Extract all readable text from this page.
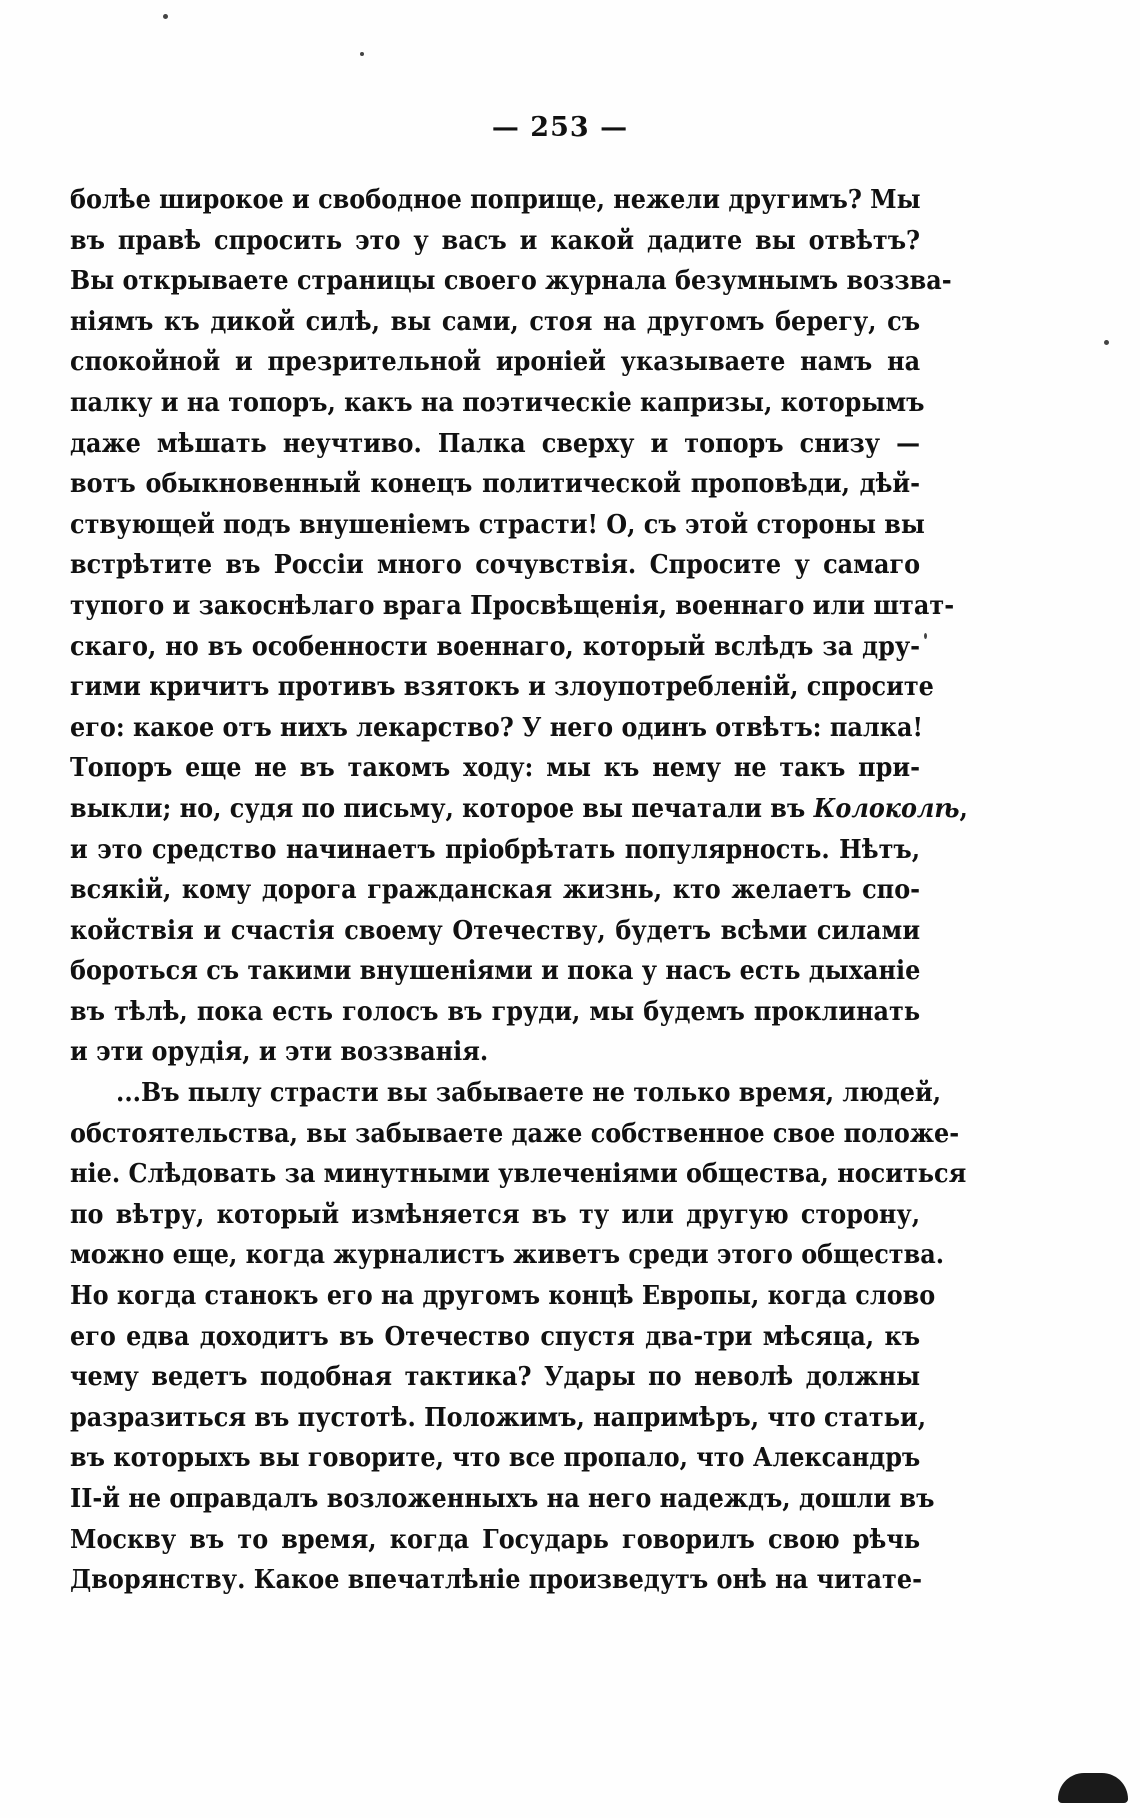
— 253 —
болѣе широкое и свободное поприще, нежели другимъ? Мы
въ правѣ спросить это у васъ и какой дадите вы отвѣтъ?
Вы открываете страницы своего журнала безумнымъ воззва-
ніямъ къ дикой силѣ, вы сами, стоя на другомъ берегу, съ
спокойной и презрительной ироніей указываете намъ на
палку и на топоръ, какъ на поэтическіе капризы, которымъ
даже мѣшать неучтиво. Палка сверху и топоръ снизу —
вотъ обыкновенный конецъ политической проповѣди, дѣй-
ствующей подъ внушеніемъ страсти! О, съ этой стороны вы
встрѣтите въ Россіи много сочувствія. Спросите у самаго
тупого и закоснѣлаго врага Просвѣщенія, военнаго или штат-
скаго, но въ особенности военнаго, который вслѣдъ за дру-
гими кричитъ противъ взятокъ и злоупотребленій, спросите
его: какое отъ нихъ лекарство? У него одинъ отвѣтъ: палка!
Топоръ еще не въ такомъ ходу: мы къ нему не такъ при-
выкли; но, судя по письму, которое вы печатали въ Колоколѣ,
и это средство начинаетъ пріобрѣтать популярность. Нѣтъ,
всякій, кому дорога гражданская жизнь, кто желаетъ спо-
койствія и счастія своему Отечеству, будетъ всѣми силами
бороться съ такими внушеніями и пока у насъ есть дыханіе
въ тѣлѣ, пока есть голосъ въ груди, мы будемъ проклинать
и эти орудія, и эти воззванія.
...Въ пылу страсти вы забываете не только время, людей,
обстоятельства, вы забываете даже собственное свое положе-
ніе. Слѣдовать за минутными увлеченіями общества, носиться
по вѣтру, который измѣняется въ ту или другую сторону,
можно еще, когда журналистъ живетъ среди этого общества.
Но когда станокъ его на другомъ концѣ Европы, когда слово
его едва доходитъ въ Отечество спустя два-три мѣсяца, къ
чему ведетъ подобная тактика? Удары по неволѣ должны
разразиться въ пустотѣ. Положимъ, напримѣръ, что статьи,
въ которыхъ вы говорите, что все пропало, что Александръ
II-й не оправдалъ возложенныхъ на него надеждъ, дошли въ
Москву въ то время, когда Государь говорилъ свою рѣчь
Дворянству. Какое впечатлѣніе произведутъ онѣ на читате-
